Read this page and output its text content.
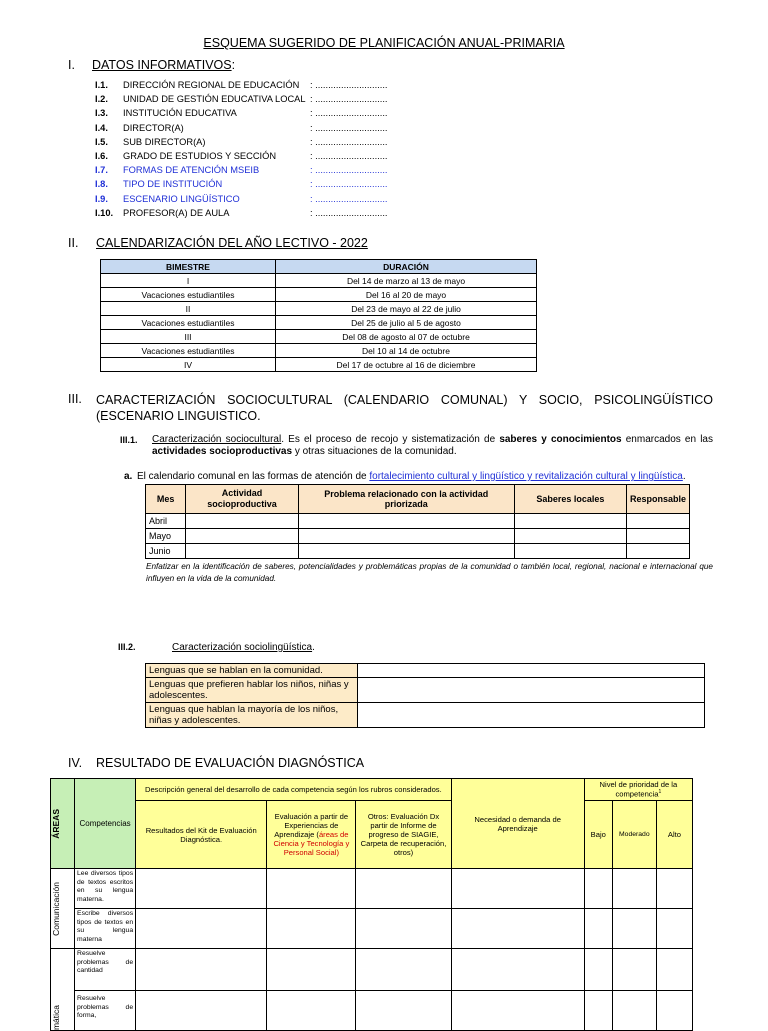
ESQUEMA SUGERIDO DE PLANIFICACIÓN ANUAL-PRIMARIA
I. DATOS INFORMATIVOS:
I.1. DIRECCIÓN REGIONAL DE EDUCACIÓN : ............................
I.2. UNIDAD DE GESTIÓN EDUCATIVA LOCAL : ............................
I.3. INSTITUCIÓN EDUCATIVA	: ............................
I.4. DIRECTOR(A)	: ............................
I.5. SUB DIRECTOR(A)	: ............................
I.6. GRADO DE ESTUDIOS Y SECCIÓN	: ............................
I.7. FORMAS DE ATENCIÓN MSEIB	: ............................
I.8. TIPO DE INSTITUCIÓN	: ............................
I.9. ESCENARIO LINGÜÍSTICO	: ............................
I.10. PROFESOR(A) DE AULA	: ............................
II. CALENDARIZACIÓN DEL AÑO LECTIVO - 2022
BIMESTRE	DURACIÓN
I	Del 14 de marzo al 13 de mayo
Vacaciones estudiantiles	Del 16 al 20 de mayo
II	Del 23 de mayo al 22 de julio
Vacaciones estudiantiles	Del 25 de julio al 5 de agosto
III	Del 08 de agosto al 07 de octubre
Vacaciones estudiantiles	Del 10 al 14 de octubre
IV	Del 17 de octubre al 16 de diciembre
III. CARACTERIZACIÓN SOCIOCULTURAL (CALENDARIO COMUNAL) Y SOCIO, PSICOLINGÜÍSTICO (ESCENARIO LINGUISTICO.
III.1. Caracterización sociocultural. Es el proceso de recojo y sistematización de saberes y conocimientos enmarcados en las actividades socioproductivas y otras situaciones de la comunidad.
a. El calendario comunal en las formas de atención de fortalecimiento cultural y lingüístico y revitalización cultural y lingüística.
Mes	Actividad socioproductiva	Problema relacionado con la actividad priorizada	Saberes locales	Responsable
Abril				
Mayo				
Junio				
Enfatizar en la identificación de saberes, potencialidades y problemáticas propias de la comunidad o también local, regional, nacional e internacional que influyen en la vida de la comunidad.
III.2.	Caracterización sociolingüística.
Lenguas que se hablan en la comunidad.	
Lenguas que prefieren hablar los niños, niñas y adolescentes.	
Lenguas que hablan la mayoría de los niños, niñas y adolescentes.	
IV. RESULTADO DE EVALUACIÓN DIAGNÓSTICA
ÁREAS	Competencias	Descripción general del desarrollo de cada competencia según los rubros considerados.			Necesidad o demanda de Aprendizaje	Nivel de prioridad de la competencia$^1$
		Resultados del Kit de Evaluación Diagnóstica.	Evaluación a partir de Experiencias de Aprendizaje (áreas de Ciencia y Tecnología y Personal Social)	Otros: Evaluación Dx partir de Informe de progreso de SIAGIE, Carpeta de recuperación, otros)		Bajo	Moderado	Alto

Comunicación	Lee diversos tipos de textos escritos en su lengua materna.							
	Escribe diversos tipos de textos en su lengua materna							

mática	Resuelve problemas de cantidad							
	Resuelve problemas de forma,							
